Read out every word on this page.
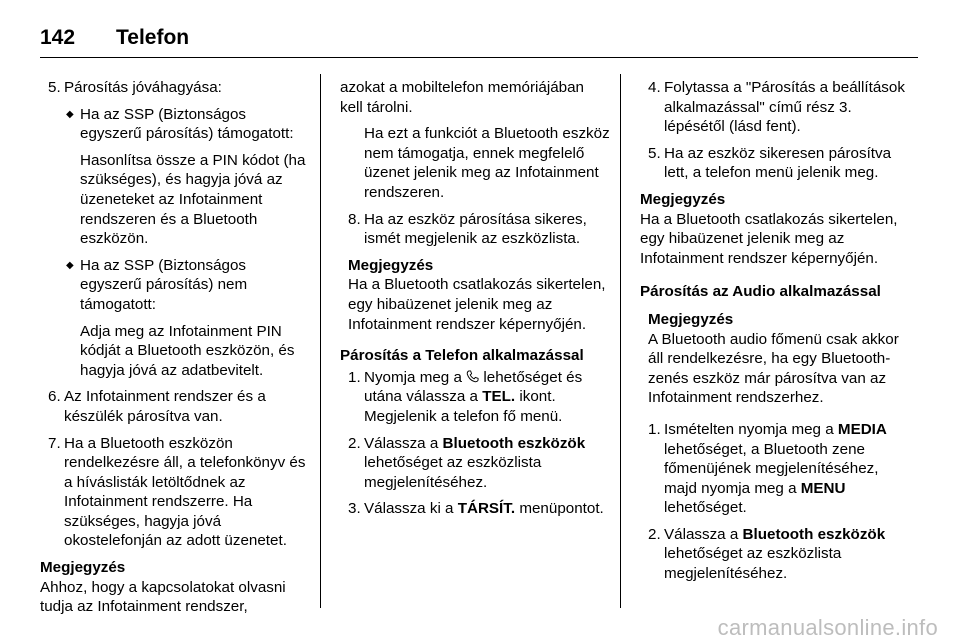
142	Telefon
5. Párosítás jóváhagyása:

◆ Ha az SSP (Biztonságos egyszerű párosítás) támogatott:

Hasonlítsa össze a PIN kódot (ha szükséges), és hagyja jóvá az üzeneteket az Infotainment rendszeren és a Bluetooth eszközön.

◆ Ha az SSP (Biztonságos egyszerű párosítás) nem támogatott:

Adja meg az Infotainment PIN kódját a Bluetooth eszközön, és hagyja jóvá az adatbevitelt.

6. Az Infotainment rendszer és a készülék párosítva van.

7. Ha a Bluetooth eszközön rendelkezésre áll, a telefonkönyv és a híváslisták letöltődnek az Infotainment rendszerre. Ha szükséges, hagyja jóvá okostelefonján az adott üzenetet.

Megjegyzés

Ahhoz, hogy a kapcsolatokat olvasni tudja az Infotainment rendszer,

azokat a mobiltelefon memóriájában kell tárolni.

Ha ezt a funkciót a Bluetooth eszköz nem támogatja, ennek megfelelő üzenet jelenik meg az Infotainment rendszeren.

8. Ha az eszköz párosítása sikeres, ismét megjelenik az eszközlista.

Megjegyzés

Ha a Bluetooth csatlakozás sikertelen, egy hibaüzenet jelenik meg az Infotainment rendszer képernyőjén.

Párosítás a Telefon alkalmazással

1. Nyomja meg a lehetőséget és utána válassza a TEL. ikont. Megjelenik a telefon fő menü.

2. Válassza a Bluetooth eszközök lehetőséget az eszközlista megjelenítéséhez.

3. Válassza ki a TÁRSÍT. menüpontot.

4. Folytassa a "Párosítás a beállítások alkalmazással" című rész 3. lépésétől (lásd fent).

5. Ha az eszköz sikeresen párosítva lett, a telefon menü jelenik meg.

Megjegyzés

Ha a Bluetooth csatlakozás sikertelen, egy hibaüzenet jelenik meg az Infotainment rendszer képernyőjén.

Párosítás az Audio alkalmazással

Megjegyzés

A Bluetooth audio főmenü csak akkor áll rendelkezésre, ha egy Bluetooth-zenés eszköz már párosítva van az Infotainment rendszerhez.

1. Ismételten nyomja meg a MEDIA lehetőséget, a Bluetooth zene főmenüjének megjelenítéséhez, majd nyomja meg a MENU lehetőséget.

2. Válassza a Bluetooth eszközök lehetőséget az eszközlista megjelenítéséhez.

carmanualsonline.info
